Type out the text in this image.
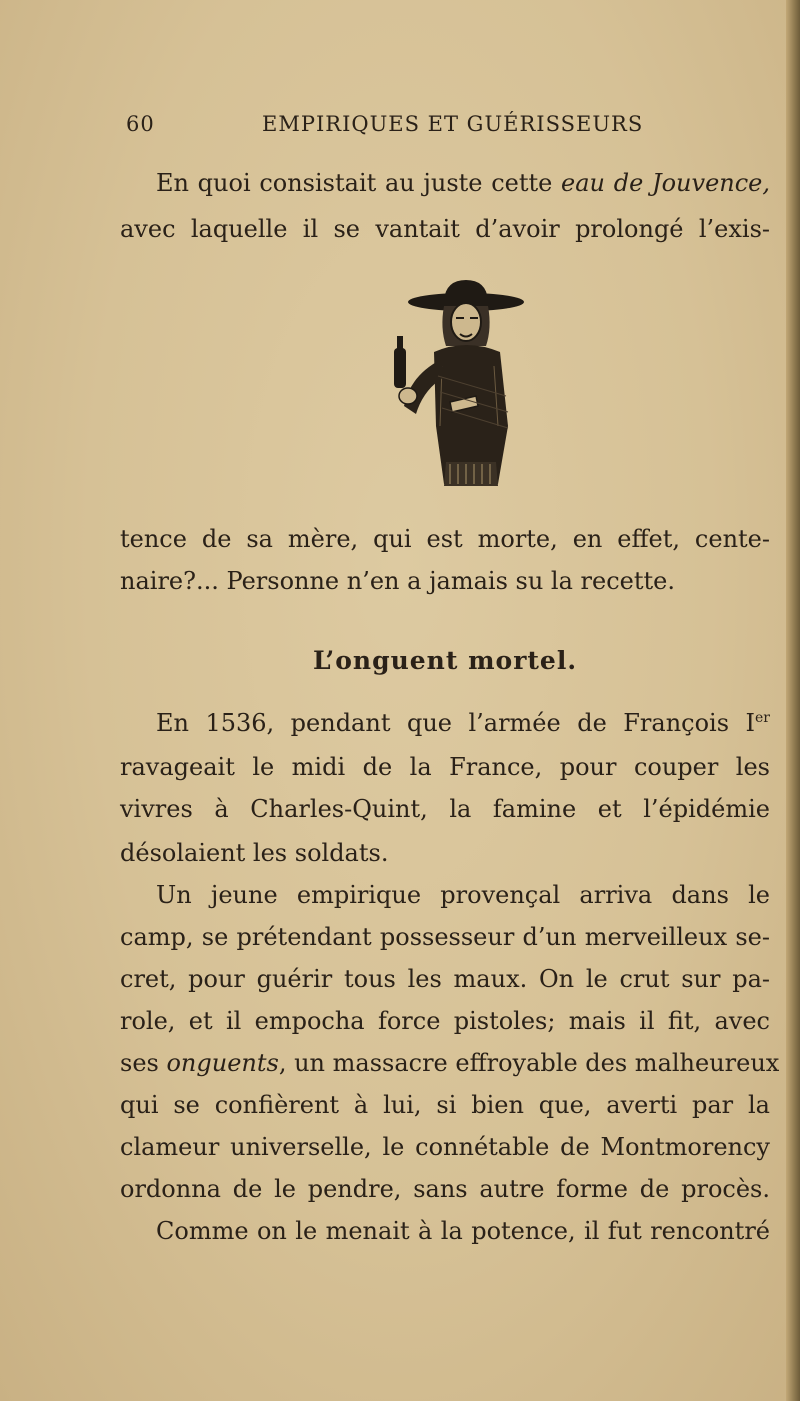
60	EMPIRIQUES ET GUÉRISSEURS
En quoi consistait au juste cette eau de Jouvence,
avec laquelle il se vantait d’avoir prolongé l’exis-
tence de sa mère, qui est morte, en effet, cente-
naire?... Personne n’en a jamais su la recette.
L’onguent mortel.
En 1536, pendant que l’armée de François Ier
ravageait le midi de la France, pour couper les
vivres à Charles-Quint, la famine et l’épidémie
désolaient les soldats.
Un jeune empirique provençal arriva dans le
camp, se prétendant possesseur d’un merveilleux se-
cret, pour guérir tous les maux. On le crut sur pa-
role, et il empocha force pistoles; mais il fit, avec
ses onguents, un massacre effroyable des malheureux
qui se confièrent à lui, si bien que, averti par la
clameur universelle, le connétable de Montmorency
ordonna de le pendre, sans autre forme de procès.
Comme on le menait à la potence, il fut rencontré
